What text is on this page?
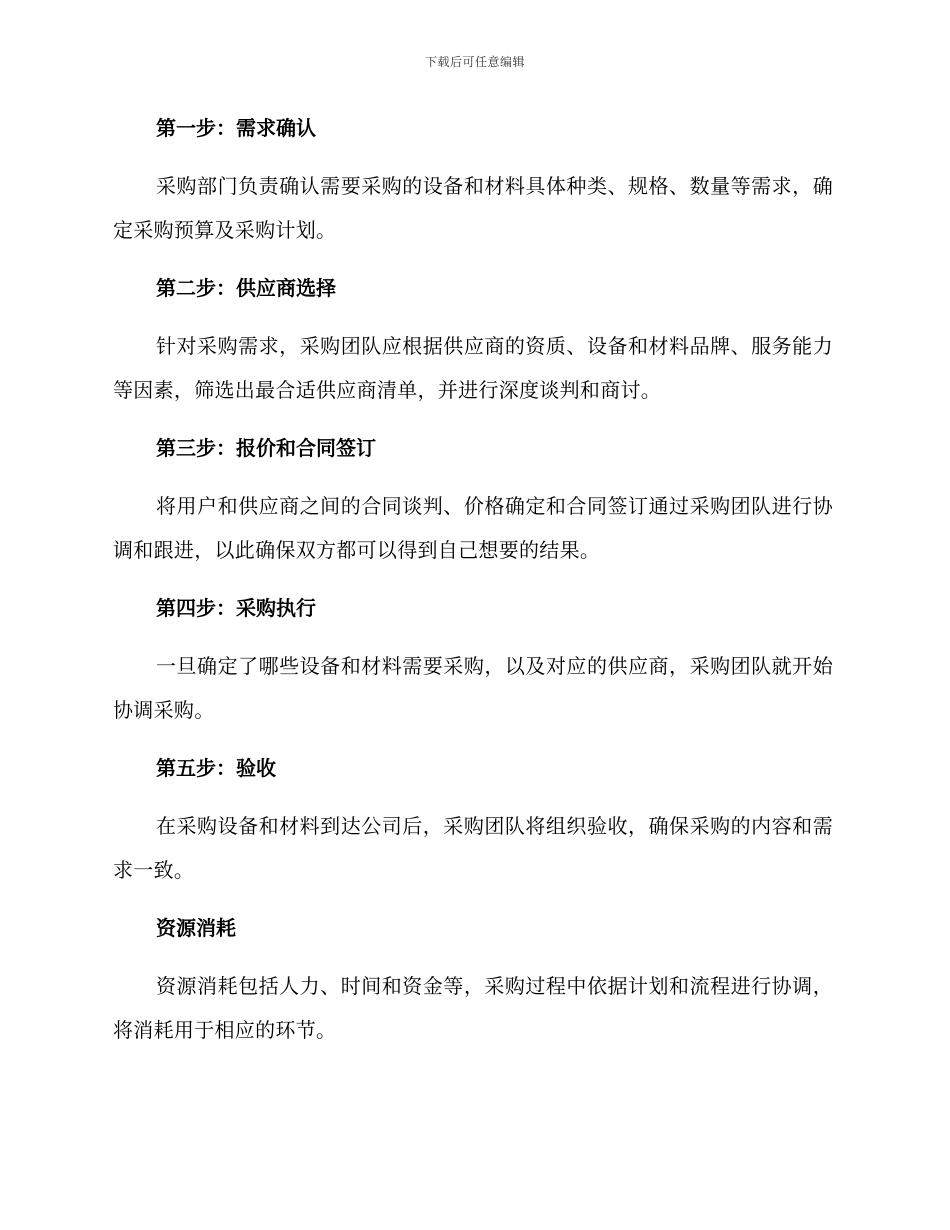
下载后可任意编辑
第一步：需求确认

采购部门负责确认需要采购的设备和材料具体种类、规格、数量等需求，确定采购预算及采购计划。

第二步：供应商选择

针对采购需求，采购团队应根据供应商的资质、设备和材料品牌、服务能力等因素，筛选出最合适供应商清单，并进行深度谈判和商讨。

第三步：报价和合同签订

将用户和供应商之间的合同谈判、价格确定和合同签订通过采购团队进行协调和跟进，以此确保双方都可以得到自己想要的结果。

第四步：采购执行

一旦确定了哪些设备和材料需要采购，以及对应的供应商，采购团队就开始协调采购。

第五步：验收

在采购设备和材料到达公司后，采购团队将组织验收，确保采购的内容和需求一致。

资源消耗

资源消耗包括人力、时间和资金等，采购过程中依据计划和流程进行协调，将消耗用于相应的环节。
